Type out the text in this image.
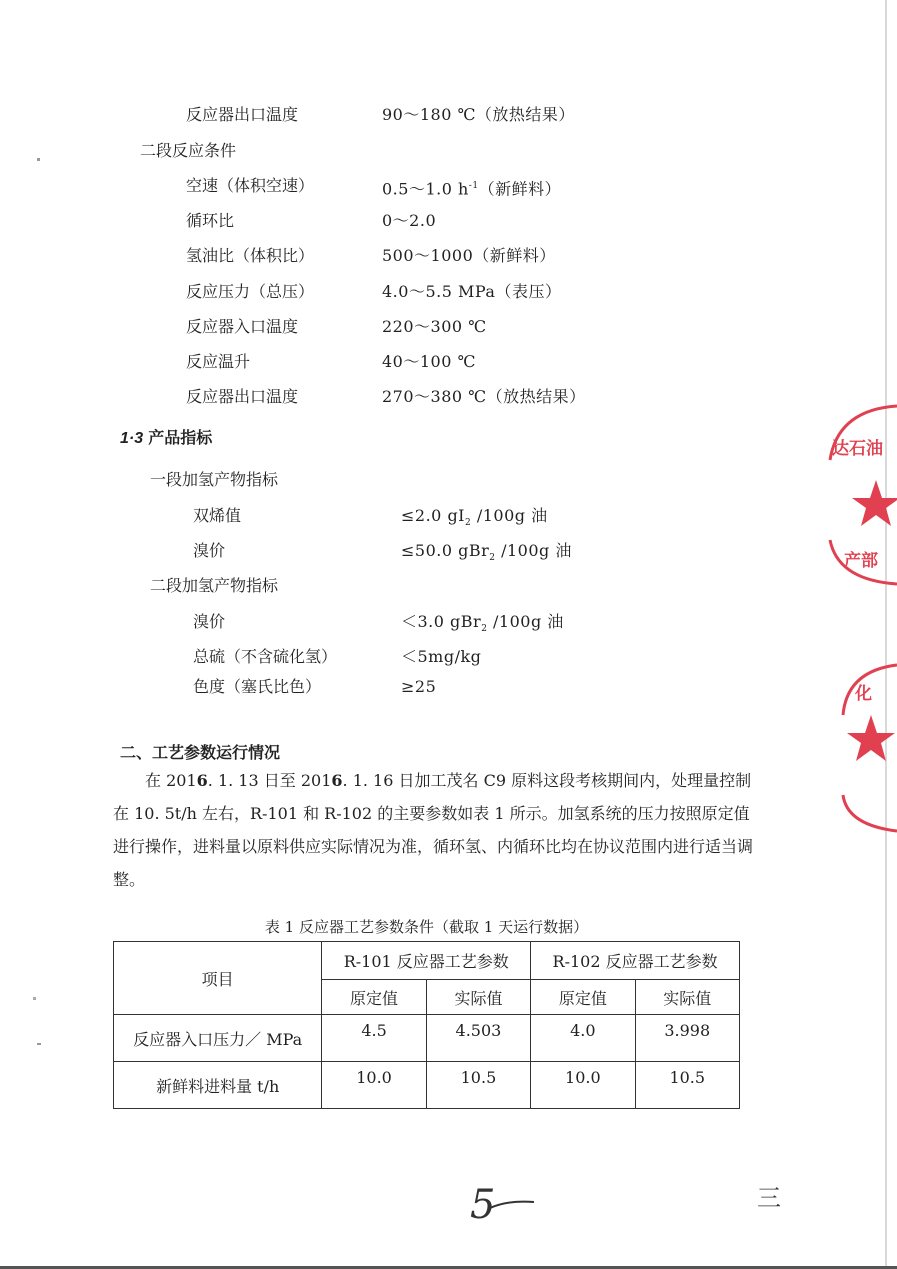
反应器出口温度	90～180 ℃（放热结果）
二段反应条件
空速（体积空速）	0.5～1.0 $h^{-1}$（新鲜料）
循环比	0～2.0
氢油比（体积比）	500～1000（新鲜料）
反应压力（总压）	4.0～5.5 MPa（表压）
反应器入口温度	220～300 ℃
反应温升	40～100 ℃
反应器出口温度	270～380 ℃（放热结果）
1·3 产品指标
一段加氢产物指标
双烯值	≤2.0 $gI_2$ /100g 油
溴价	≤50.0 gBr$_2$ /100g 油
二段加氢产物指标
溴价	＜3.0 gBr$_2$ /100g 油
总硫（不含硫化氢）	＜5mg/kg
色度（塞氏比色）	≥25
二、工艺参数运行情况

在 2016. 1. 13 日至 2016. 1. 16 日加工茂名 C9 原料这段考核期间内，处理量控制在 10. 5t/h 左右，R-101 和 R-102 的主要参数如表 1 所示。加氢系统的压力按照原定值进行操作，进料量以原料供应实际情况为准，循环氢、内循环比均在协议范围内进行适当调整。

表 1 反应器工艺参数条件（截取 1 天运行数据）
项目	R-101 反应器工艺参数		R-102 反应器工艺参数	
	原定值	实际值	原定值	实际值
反应器入口压力／ MPa	4.5	4.503	4.0	3.998
新鲜料进料量 t/h	10.0	10.5	10.0	10.5
达石油
产部
化
5	三
